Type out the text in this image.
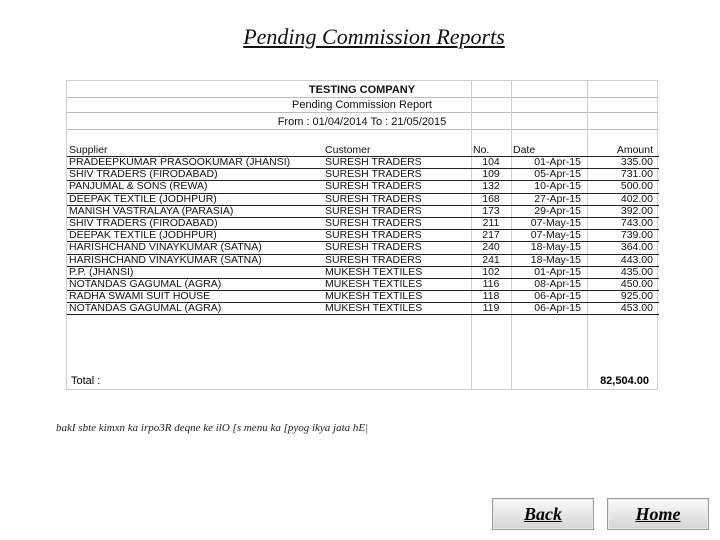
Pending Commission Reports
TESTING COMPANY
Pending Commission Report
From : 01/04/2014 To : 21/05/2015
Supplier	Customer	No.	Date	Amount
PRADEEPKUMAR PRASOOKUMAR (JHANSI)	SURESH TRADERS	104	01-Apr-15	335.00
SHIV TRADERS (FIRODABAD)	SURESH TRADERS	109	05-Apr-15	731.00
PANJUMAL & SONS (REWA)	SURESH TRADERS	132	10-Apr-15	500.00
DEEPAK TEXTILE (JODHPUR)	SURESH TRADERS	168	27-Apr-15	402.00
MANISH VASTRALAYA (PARASIA)	SURESH TRADERS	173	29-Apr-15	392.00
SHIV TRADERS (FIRODABAD)	SURESH TRADERS	211	07-May-15	743.00
DEEPAK TEXTILE (JODHPUR)	SURESH TRADERS	217	07-May-15	739.00
HARISHCHAND VINAYKUMAR (SATNA)	SURESH TRADERS	240	18-May-15	364.00
HARISHCHAND VINAYKUMAR (SATNA)	SURESH TRADERS	241	18-May-15	443.00
P.P. (JHANSI)	MUKESH TEXTILES	102	01-Apr-15	435.00
NOTANDAS GAGUMAL (AGRA)	MUKESH TEXTILES	116	08-Apr-15	450.00
RADHA SWAMI SUIT HOUSE	MUKESH TEXTILES	118	06-Apr-15	925.00
NOTANDAS GAGUMAL (AGRA)	MUKESH TEXTILES	119	06-Apr-15	453.00
Total :	82,504.00
bakI sbte kimxn ka irpo3R deqne ke ilO [s menu ka [pyog ikya jata hE|
Back	Home
